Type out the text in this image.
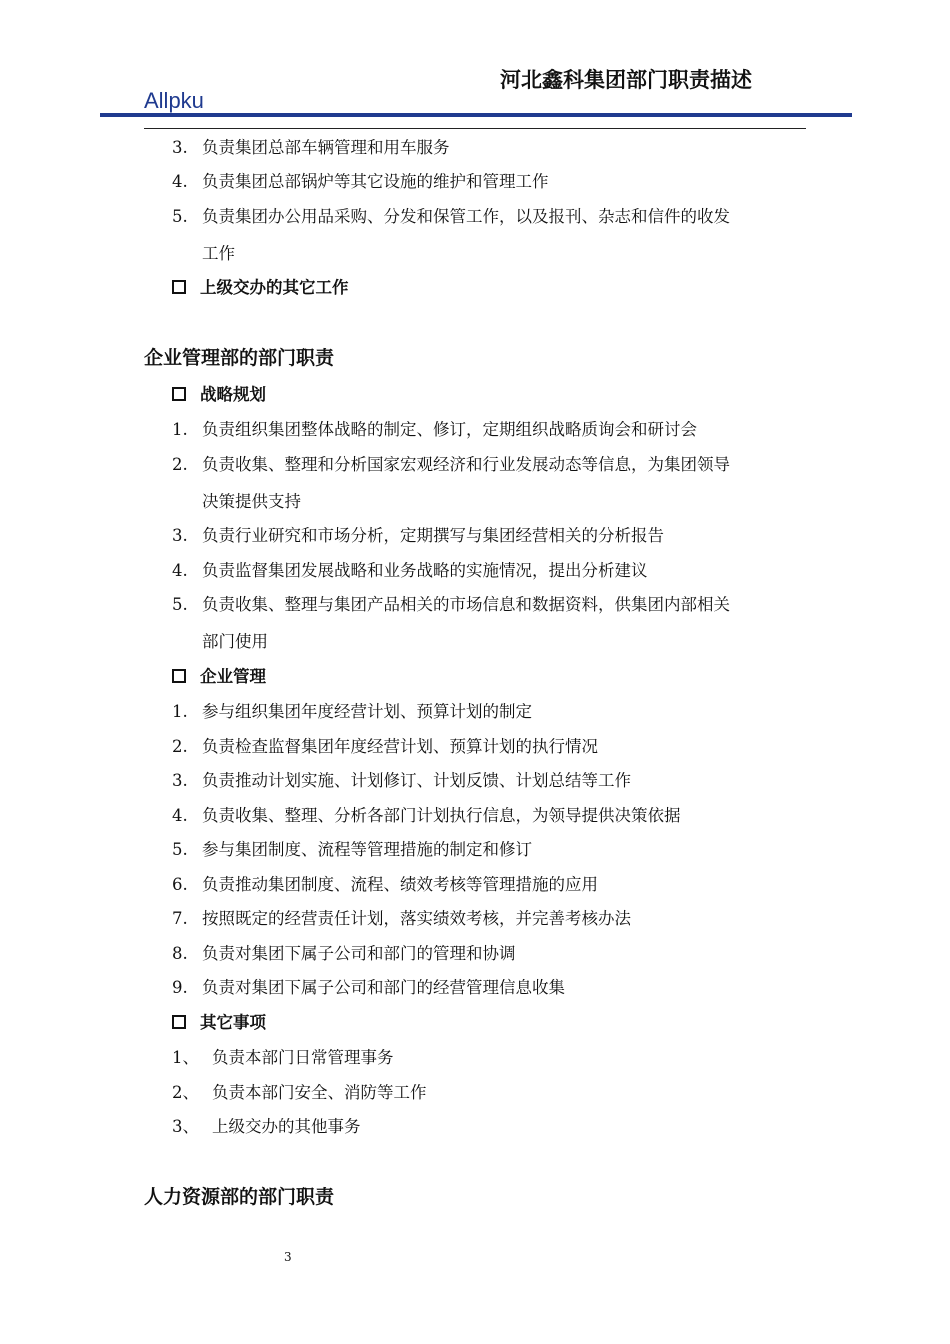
河北鑫科集团部门职责描述
Allpku
3. 负责集团总部车辆管理和用车服务
4. 负责集团总部锅炉等其它设施的维护和管理工作
5. 负责集团办公用品采购、分发和保管工作，以及报刊、杂志和信件的收发
工作
上级交办的其它工作
企业管理部的部门职责
战略规划
1. 负责组织集团整体战略的制定、修订，定期组织战略质询会和研讨会
2. 负责收集、整理和分析国家宏观经济和行业发展动态等信息，为集团领导
决策提供支持
3. 负责行业研究和市场分析，定期撰写与集团经营相关的分析报告
4. 负责监督集团发展战略和业务战略的实施情况，提出分析建议
5. 负责收集、整理与集团产品相关的市场信息和数据资料，供集团内部相关
部门使用
企业管理
1. 参与组织集团年度经营计划、预算计划的制定
2. 负责检查监督集团年度经营计划、预算计划的执行情况
3. 负责推动计划实施、计划修订、计划反馈、计划总结等工作
4. 负责收集、整理、分析各部门计划执行信息，为领导提供决策依据
5. 参与集团制度、流程等管理措施的制定和修订
6. 负责推动集团制度、流程、绩效考核等管理措施的应用
7. 按照既定的经营责任计划，落实绩效考核，并完善考核办法
8. 负责对集团下属子公司和部门的管理和协调
9. 负责对集团下属子公司和部门的经营管理信息收集
其它事项
1、 负责本部门日常管理事务
2、 负责本部门安全、消防等工作
3、 上级交办的其他事务
人力资源部的部门职责
3
